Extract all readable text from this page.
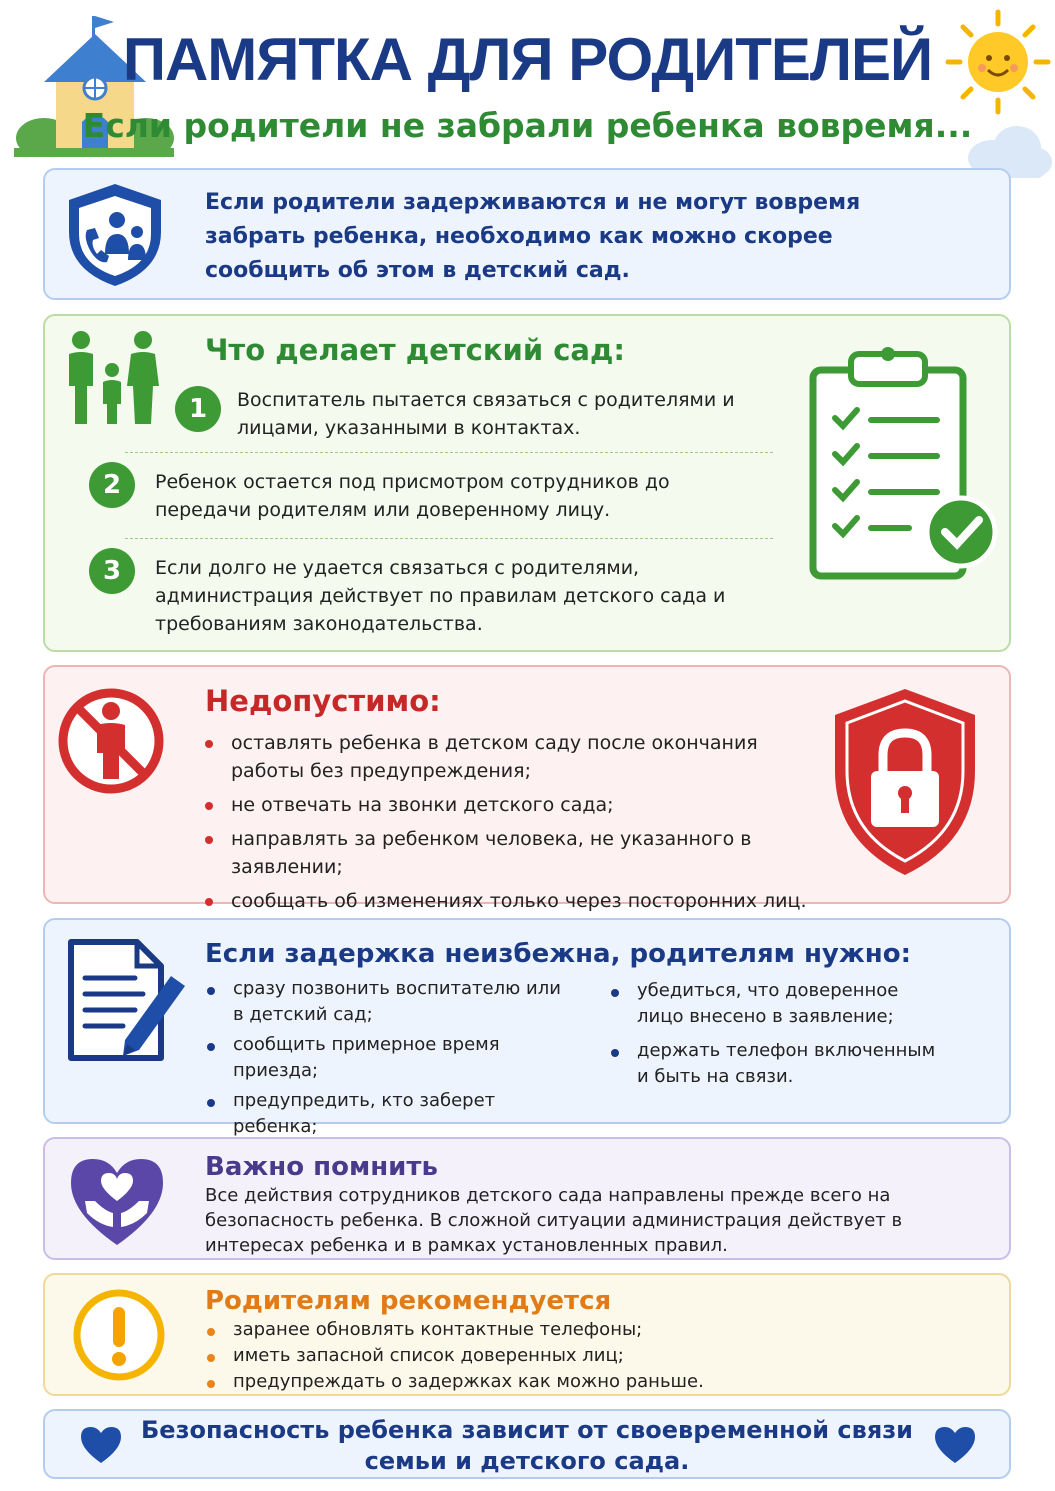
ПАМЯТКА ДЛЯ РОДИТЕЛЕЙ
Если родители не забрали ребенка вовремя...
Если родители задерживаются и не могут вовремя забрать ребенка, необходимо как можно скорее сообщить об этом в детский сад.
Что делает детский сад:
1	Воспитатель пытается связаться с родителями и лицами, указанными в контактах.
2	Ребенок остается под присмотром сотрудников до передачи родителям или доверенному лицу.
3	Если долго не удается связаться с родителями, администрация действует по правилам детского сада и требованиям законодательства.
Недопустимо:
оставлять ребенка в детском саду после окончания работы без предупреждения;
не отвечать на звонки детского сада;
направлять за ребенком человека, не указанного в заявлении;
сообщать об изменениях только через посторонних лиц.
Если задержка неизбежна, родителям нужно:
сразу позвонить воспитателю или в детский сад;
сообщить примерное время приезда;
предупредить, кто заберет ребенка;
убедиться, что доверенное лицо внесено в заявление;
держать телефон включенным и быть на связи.
Важно помнить
Все действия сотрудников детского сада направлены прежде всего на безопасность ребенка. В сложной ситуации администрация действует в интересах ребенка и в рамках установленных правил.
Родителям рекомендуется
заранее обновлять контактные телефоны;
иметь запасной список доверенных лиц;
предупреждать о задержках как можно раньше.
Безопасность ребенка зависит от своевременной связи
семьи и детского сада.
